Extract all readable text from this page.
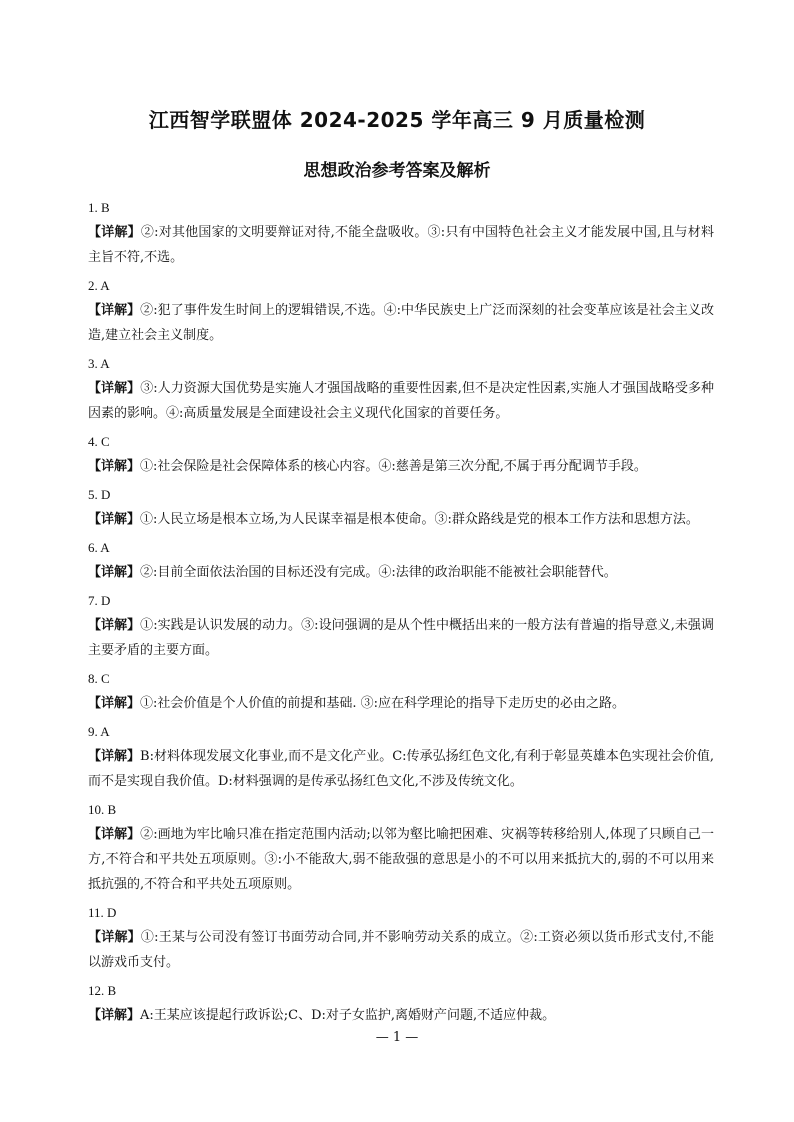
江西智学联盟体 2024-2025 学年高三 9 月质量检测
思想政治参考答案及解析
1. B
【详解】②:对其他国家的文明要辩证对待,不能全盘吸收。③:只有中国特色社会主义才能发展中国,且与材料主旨不符,不选。
2. A
【详解】②:犯了事件发生时间上的逻辑错误,不选。④:中华民族史上广泛而深刻的社会变革应该是社会主义改造,建立社会主义制度。
3. A
【详解】③:人力资源大国优势是实施人才强国战略的重要性因素,但不是决定性因素,实施人才强国战略受多种因素的影响。④:高质量发展是全面建设社会主义现代化国家的首要任务。
4. C
【详解】①:社会保险是社会保障体系的核心内容。④:慈善是第三次分配,不属于再分配调节手段。
5. D
【详解】①:人民立场是根本立场,为人民谋幸福是根本使命。③:群众路线是党的根本工作方法和思想方法。
6. A
【详解】②:目前全面依法治国的目标还没有完成。④:法律的政治职能不能被社会职能替代。
7. D
【详解】①:实践是认识发展的动力。③:设问强调的是从个性中概括出来的一般方法有普遍的指导意义,未强调主要矛盾的主要方面。
8. C
【详解】①:社会价值是个人价值的前提和基础. ③:应在科学理论的指导下走历史的必由之路。
9. A
【详解】B:材料体现发展文化事业,而不是文化产业。C:传承弘扬红色文化,有利于彰显英雄本色实现社会价值,而不是实现自我价值。D:材料强调的是传承弘扬红色文化,不涉及传统文化。
10. B
【详解】②:画地为牢比喻只准在指定范围内活动;以邻为壑比喻把困难、灾祸等转移给别人,体现了只顾自己一方,不符合和平共处五项原则。③:小不能敌大,弱不能敌强的意思是小的不可以用来抵抗大的,弱的不可以用来抵抗强的,不符合和平共处五项原则。
11. D
【详解】①:王某与公司没有签订书面劳动合同,并不影响劳动关系的成立。②:工资必须以货币形式支付,不能以游戏币支付。
12. B
【详解】A:王某应该提起行政诉讼;C、D:对子女监护,离婚财产问题,不适应仲裁。
— 1 —
